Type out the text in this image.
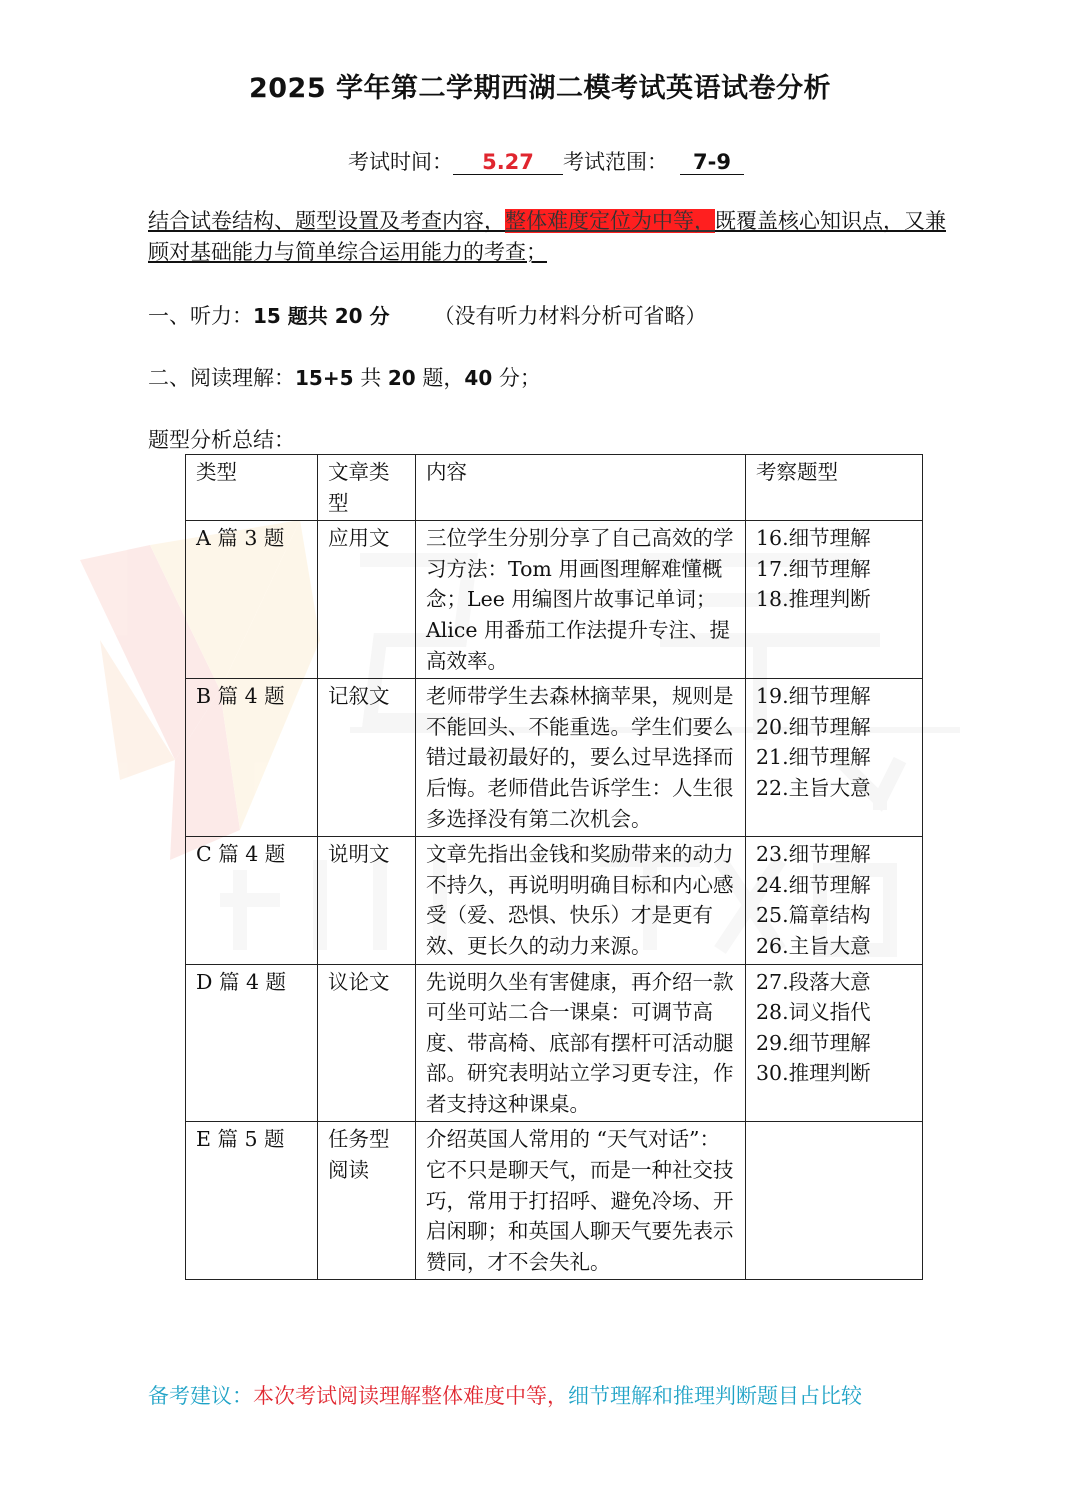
2025 学年第二学期西湖二模考试英语试卷分析
考试时间： 5.27 考试范围： 7-9
结合试卷结构、题型设置及考查内容，整体难度定位为中等，既覆盖核心知识点，又兼顾对基础能力与简单综合运用能力的考查；
一、听力：15 题共 20 分 （没有听力材料分析可省略）
二、阅读理解：15+5 共 20 题，40 分；
题型分析总结：
类型	文章类型	内容	考察题型
A 篇 3 题	应用文	三位学生分别分享了自己高效的学习方法：Tom 用画图理解难懂概念；Lee 用编图片故事记单词；Alice 用番茄工作法提升专注、提高效率。	16.细节理解
17.细节理解
18.推理判断

B 篇 4 题	记叙文	老师带学生去森林摘苹果，规则是不能回头、不能重选。学生们要么错过最初最好的，要么过早选择而后悔。老师借此告诉学生：人生很多选择没有第二次机会。	19.细节理解
20.细节理解
21.细节理解
22.主旨大意

C 篇 4 题	说明文	文章先指出金钱和奖励带来的动力不持久，再说明明确目标和内心感受（爱、恐惧、快乐）才是更有效、更长久的动力来源。	23.细节理解
24.细节理解
25.篇章结构
26.主旨大意

D 篇 4 题	议论文	先说明久坐有害健康，再介绍一款可坐可站二合一课桌：可调节高度、带高椅、底部有摆杆可活动腿部。研究表明站立学习更专注，作者支持这种课桌。	27.段落大意
28.词义指代
29.细节理解
30.推理判断

E 篇 5 题	任务型阅读	介绍英国人常用的 “天气对话”：它不只是聊天气，而是一种社交技巧，常用于打招呼、避免冷场、开启闲聊；和英国人聊天气要先表示赞同，才不会失礼。	
备考建议：本次考试阅读理解整体难度中等，细节理解和推理判断题目占比较
